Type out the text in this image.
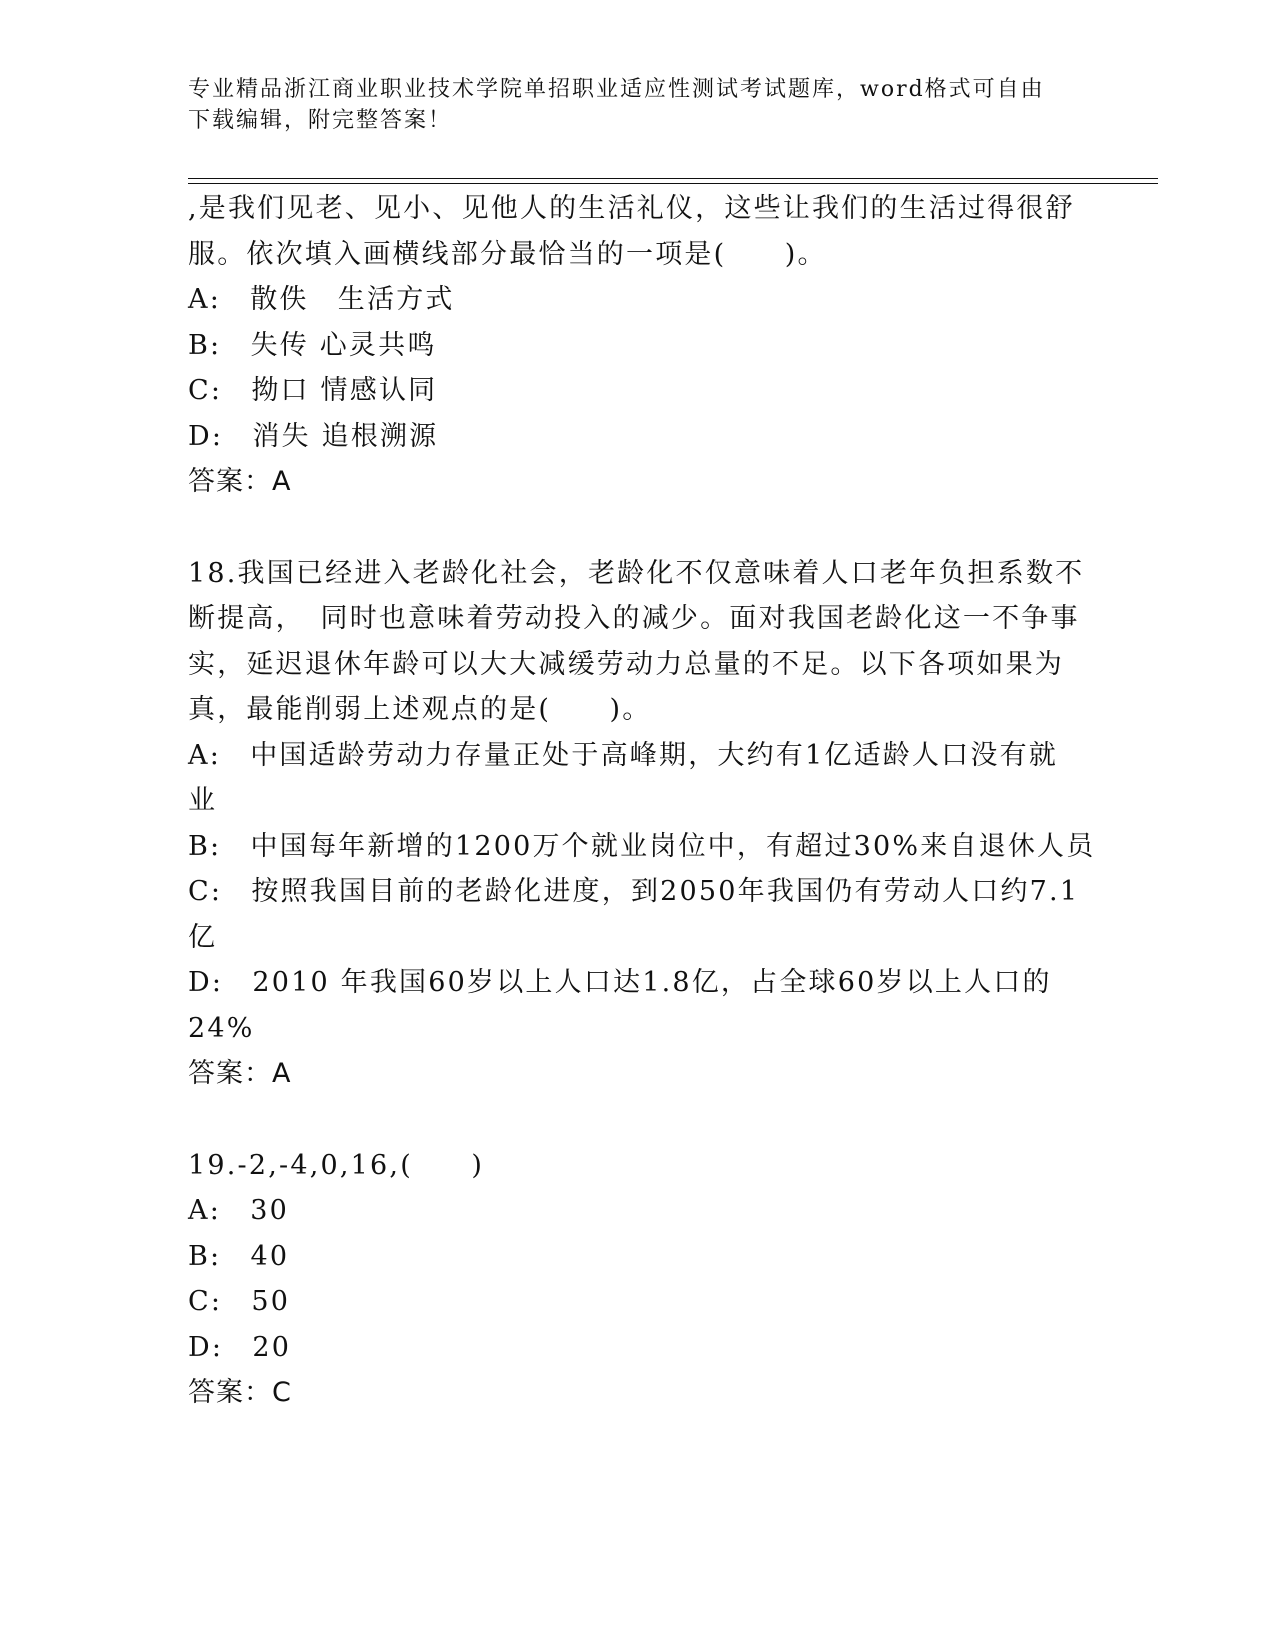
专业精品浙江商业职业技术学院单招职业适应性测试考试题库，word格式可自由
下载编辑，附完整答案！
,是我们见老、见小、见他人的生活礼仪，这些让我们的生活过得很舒
服。依次填入画横线部分最恰当的一项是(　　)。
A:　散佚　生活方式
B:　失传 心灵共鸣
C:　拗口 情感认同
D:　消失 追根溯源
答案：A
18.我国已经进入老龄化社会，老龄化不仅意味着人口老年负担系数不
断提高，　同时也意味着劳动投入的减少。面对我国老龄化这一不争事
实，延迟退休年龄可以大大减缓劳动力总量的不足。以下各项如果为
真，最能削弱上述观点的是(　　)。
A:　中国适龄劳动力存量正处于高峰期，大约有1亿适龄人口没有就
业
B:　中国每年新增的1200万个就业岗位中，有超过30%来自退休人员
C:　按照我国目前的老龄化进度，到2050年我国仍有劳动人口约7.1
亿
D:　2010 年我国60岁以上人口达1.8亿，占全球60岁以上人口的
24%
答案：A
19.-2,-4,0,16,(　　)
A:　30
B:　40
C:　50
D:　20
答案：C
